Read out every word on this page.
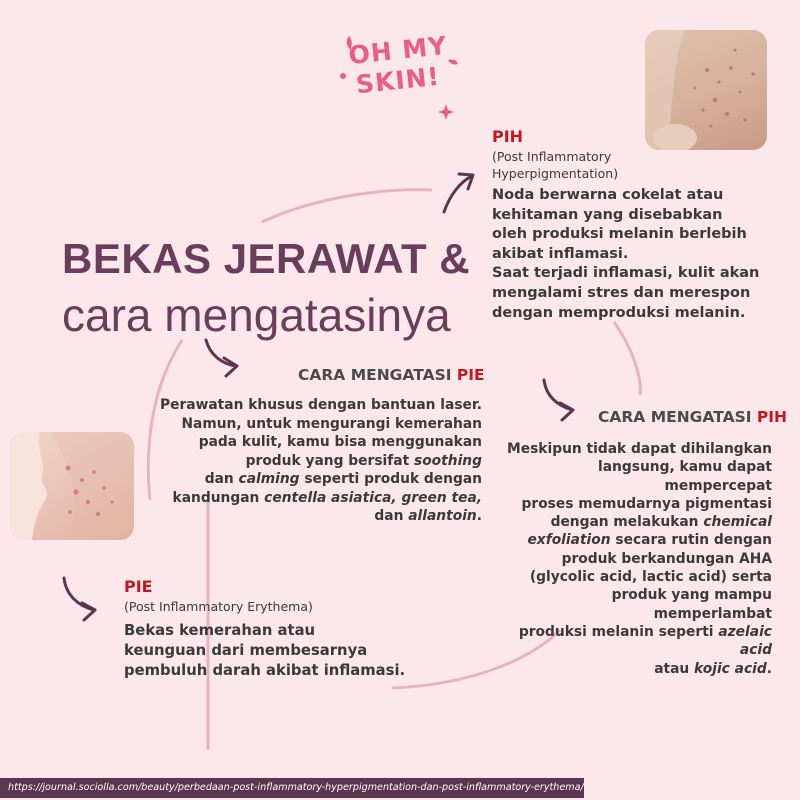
OH MY
SKIN!
BEKAS JERAWAT &
cara mengatasinya
PIH
(Post Inflammatory
Hyperpigmentation)
Noda berwarna cokelat atau
kehitaman yang disebabkan
oleh produksi melanin berlebih
akibat inflamasi.
Saat terjadi inflamasi, kulit akan
mengalami stres dan merespon
dengan memproduksi melanin.
CARA MENGATASI PIE
Perawatan khusus dengan bantuan laser.
Namun, untuk mengurangi kemerahan
pada kulit, kamu bisa menggunakan
produk yang bersifat soothing
dan calming seperti produk dengan
kandungan centella asiatica, green tea,
dan allantoin.
CARA MENGATASI PIH
Meskipun tidak dapat dihilangkan
langsung, kamu dapat mempercepat
proses memudarnya pigmentasi
dengan melakukan chemical
exfoliation secara rutin dengan
produk berkandungan AHA
(glycolic acid, lactic acid) serta
produk yang mampu memperlambat
produksi melanin seperti azelaic acid
atau kojic acid.
PIE
(Post Inflammatory Erythema)
Bekas kemerahan atau
keunguan dari membesarnya
pembuluh darah akibat inflamasi.
https://journal.sociolla.com/beauty/perbedaan-post-inflammatory-hyperpigmentation-dan-post-inflammatory-erythema/
